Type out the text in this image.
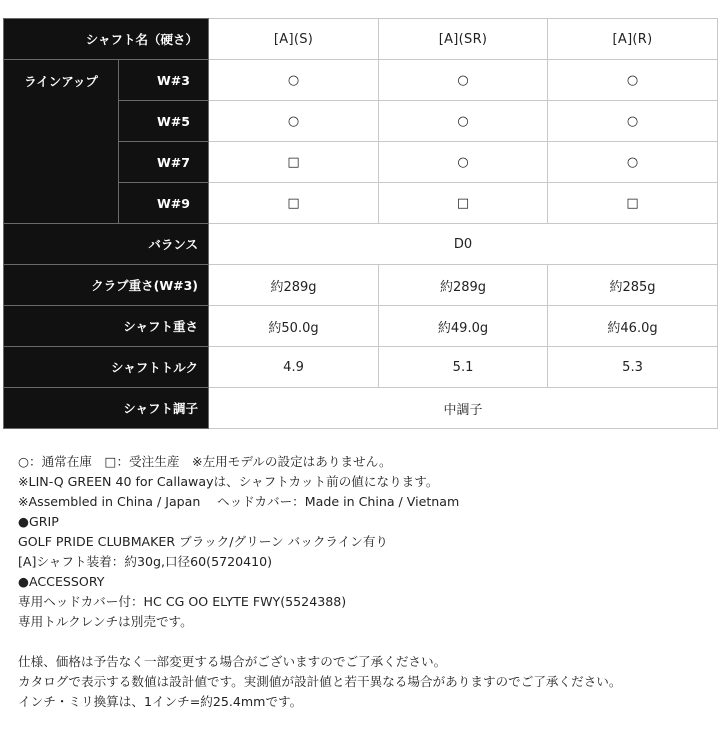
シャフト名（硬さ）		[A](S)	[A](SR)	[A](R)
ラインアップ	W#3	○	○	○
	W#5	○	○	○
	W#7	□	○	○
	W#9	□	□	□
バランス		D0		
クラブ重さ(W#3)		約289g	約289g	約285g
シャフト重さ		約50.0g	約49.0g	約46.0g
シャフトトルク		4.9	5.1	5.3
シャフト調子		中調子		
○：通常在庫　□：受注生産　※左用モデルの設定はありません。
※LIN-Q GREEN 40 for Callawayは、シャフトカット前の値になります。
※Assembled in China / Japan　 ヘッドカバー：Made in China / Vietnam
●GRIP
GOLF PRIDE CLUBMAKER ブラック/グリーン バックライン有り
[A]シャフト装着：約30g,口径60(5720410)
●ACCESSORY
専用ヘッドカバー付：HC CG OO ELYTE FWY(5524388)
専用トルクレンチは別売です。
仕様、価格は予告なく一部変更する場合がございますのでご了承ください。
カタログで表示する数値は設計値です。実測値が設計値と若干異なる場合がありますのでご了承ください。
インチ・ミリ換算は、1インチ=約25.4mmです。
